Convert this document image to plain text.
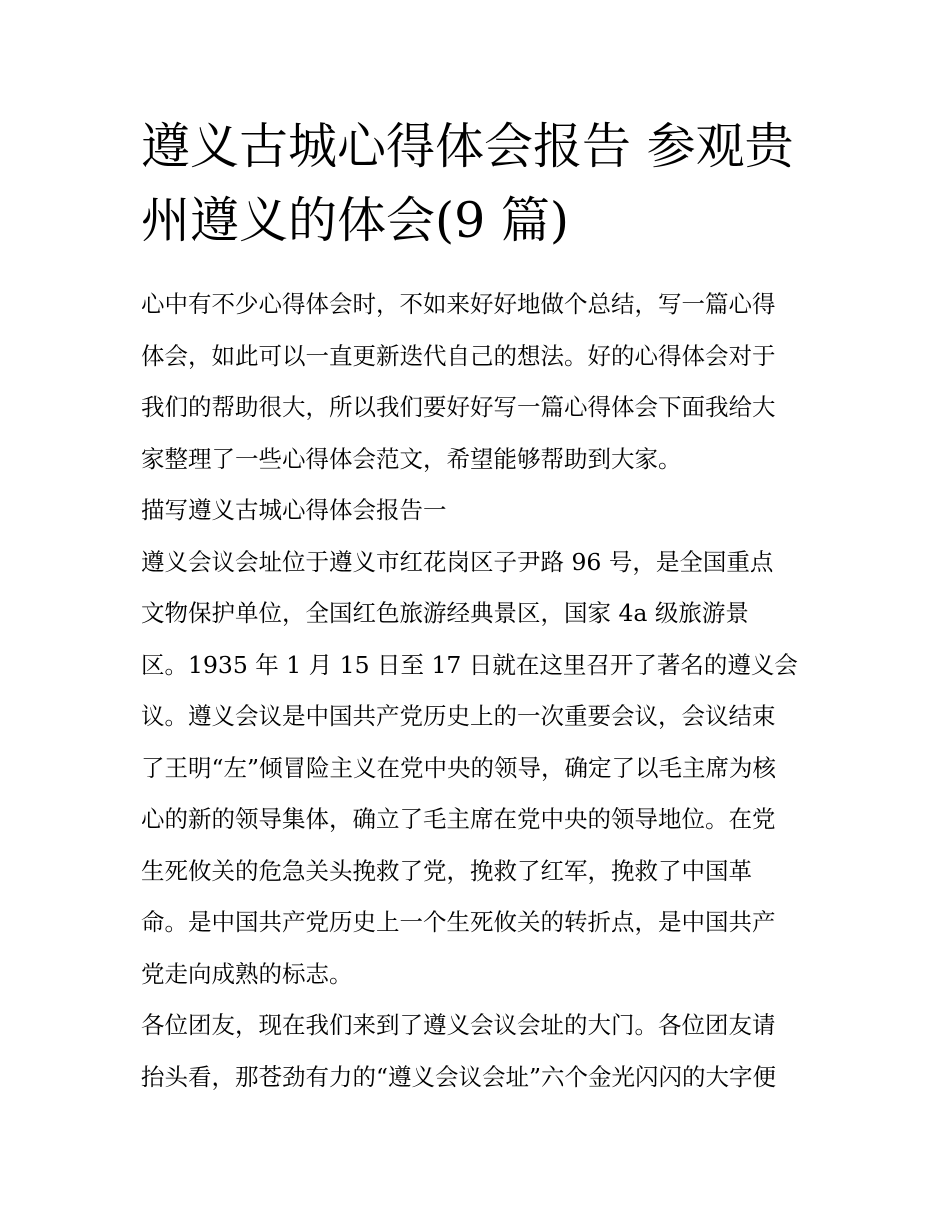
遵义古城心得体会报告 参观贵
州遵义的体会(9 篇)

心中有不少心得体会时，不如来好好地做个总结，写一篇心得
体会，如此可以一直更新迭代自己的想法。好的心得体会对于
我们的帮助很大，所以我们要好好写一篇心得体会下面我给大
家整理了一些心得体会范文，希望能够帮助到大家。

描写遵义古城心得体会报告一

遵义会议会址位于遵义市红花岗区子尹路 96 号，是全国重点
文物保护单位，全国红色旅游经典景区，国家 4a 级旅游景
区。1935 年 1 月 15 日至 17 日就在这里召开了著名的遵义会
议。遵义会议是中国共产党历史上的一次重要会议，会议结束
了王明“左”倾冒险主义在党中央的领导，确定了以毛主席为核
心的新的领导集体，确立了毛主席在党中央的领导地位。在党
生死攸关的危急关头挽救了党，挽救了红军，挽救了中国革
命。是中国共产党历史上一个生死攸关的转折点，是中国共产
党走向成熟的标志。

各位团友，现在我们来到了遵义会议会址的大门。各位团友请
抬头看，那苍劲有力的“遵义会议会址”六个金光闪闪的大字便
